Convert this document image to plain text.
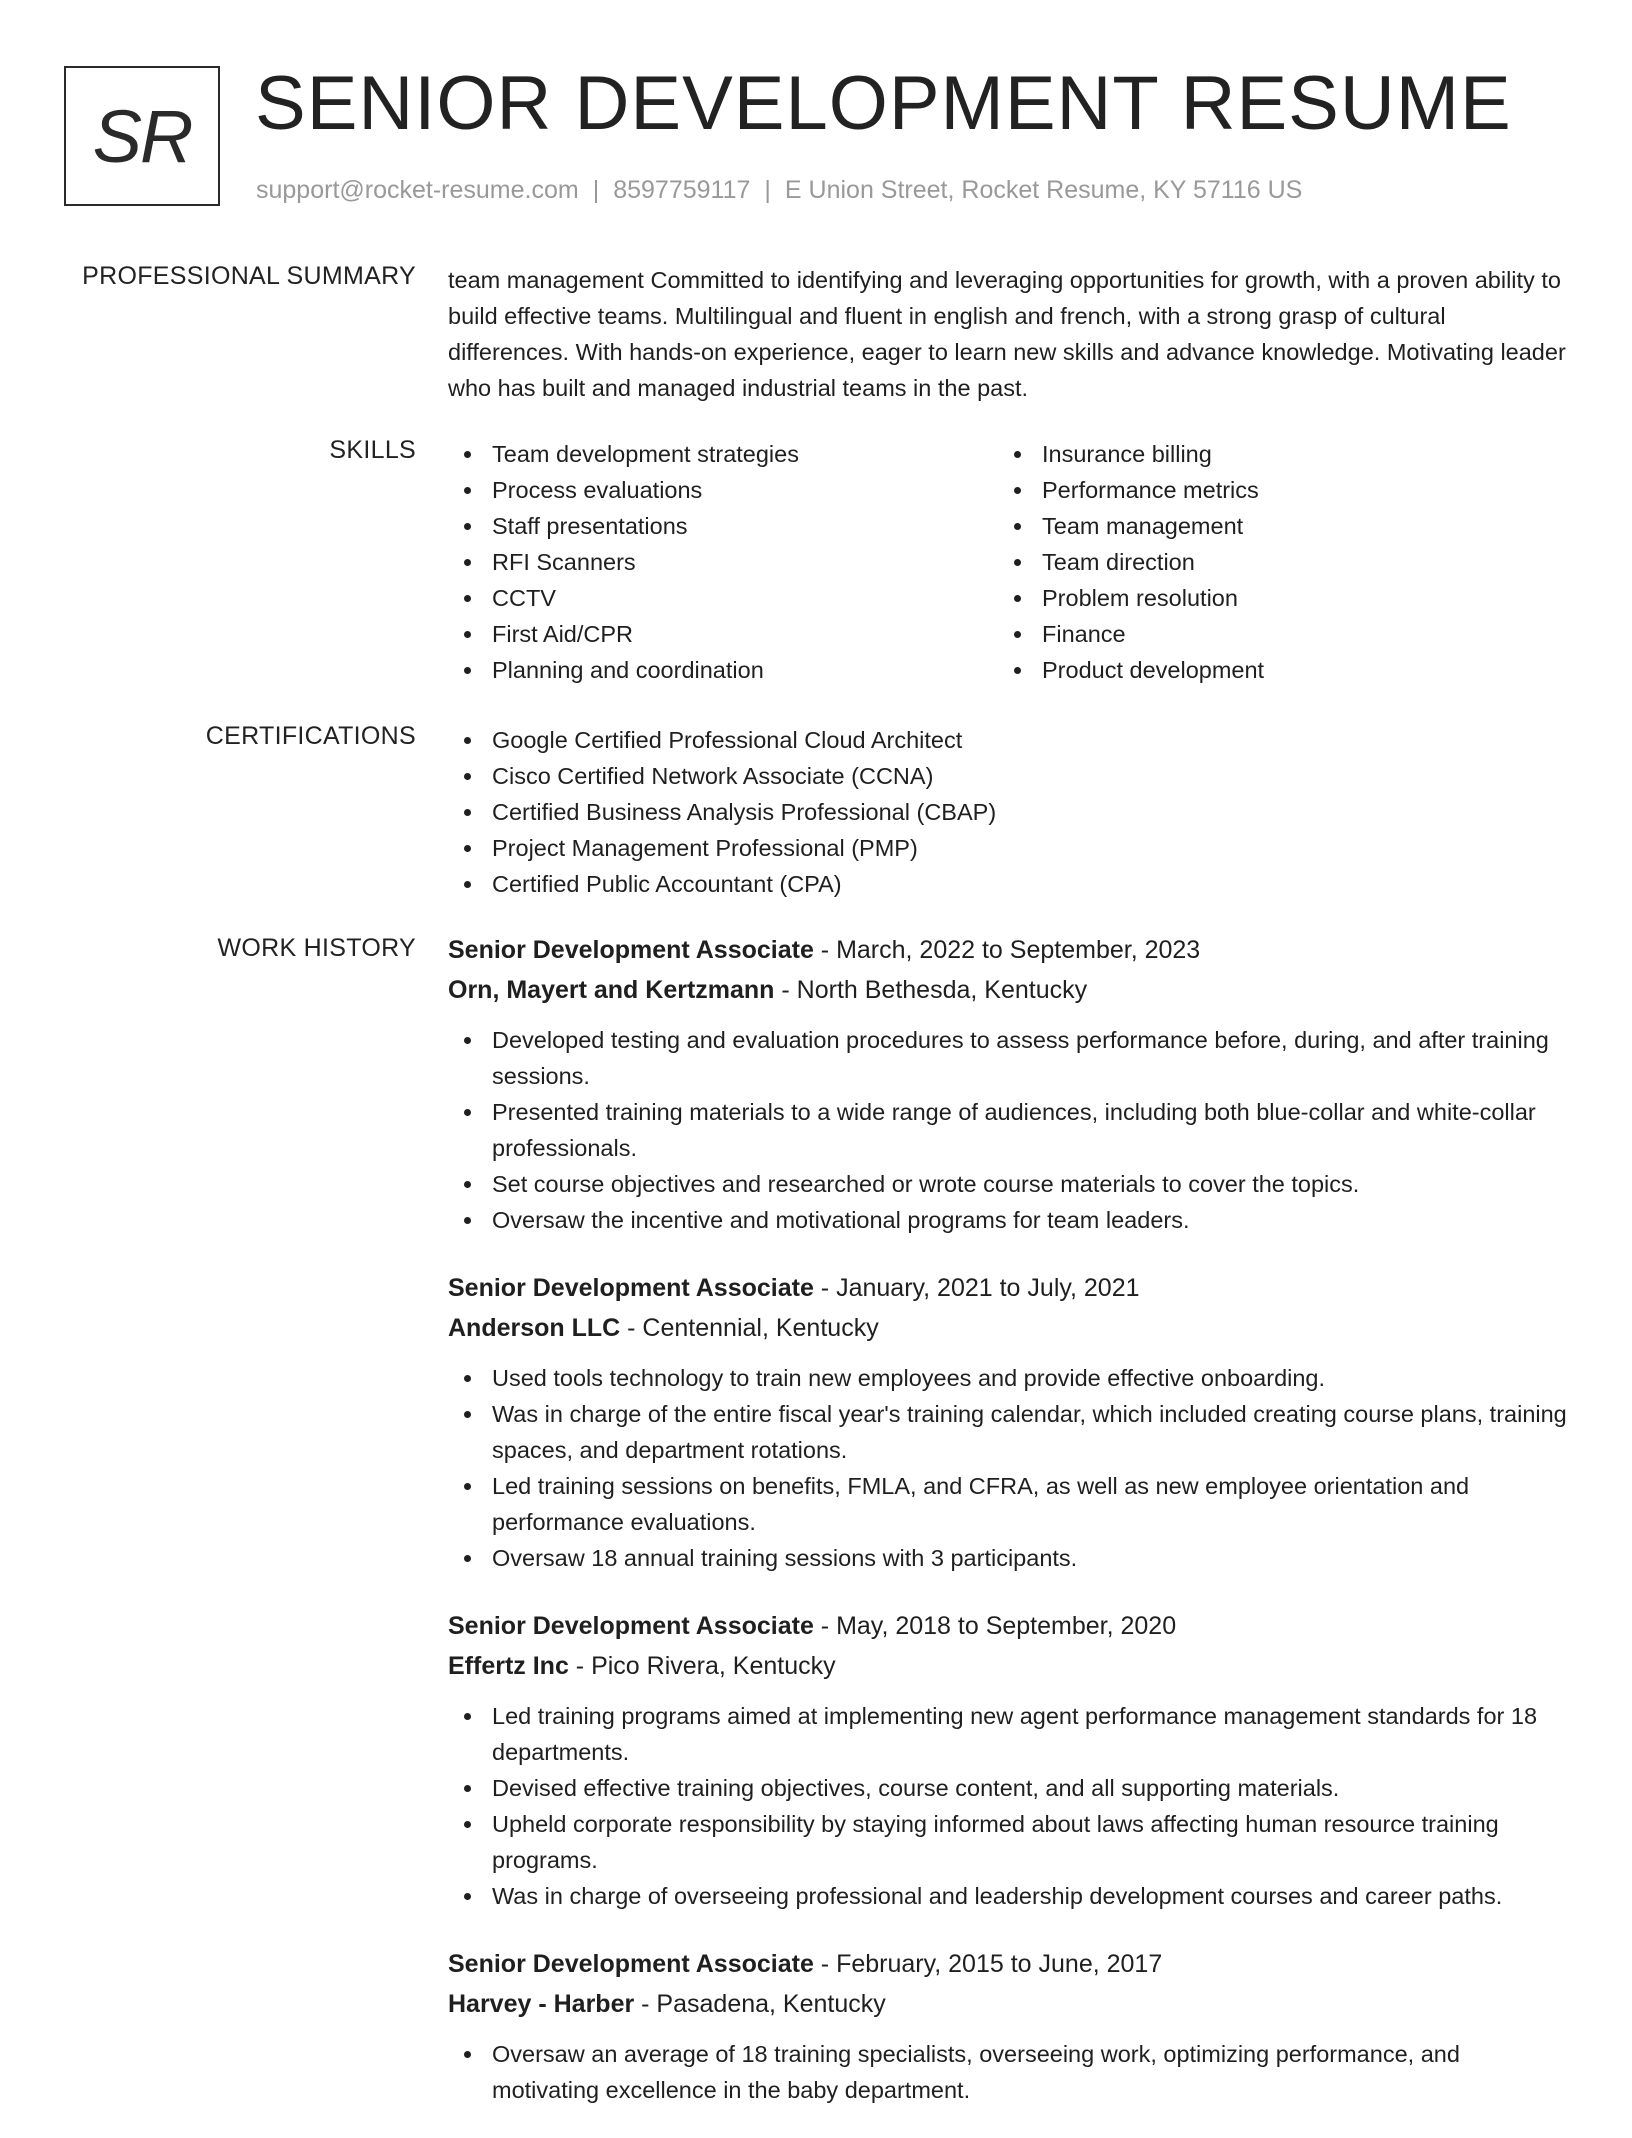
SR SENIOR DEVELOPMENT RESUME
support@rocket-resume.com | 8597759117 | E Union Street, Rocket Resume, KY 57116 US
PROFESSIONAL SUMMARY team management Committed to identifying and leveraging opportunities for growth, with a proven ability to build effective teams. Multilingual and fluent in english and french, with a strong grasp of cultural differences. With hands-on experience, eager to learn new skills and advance knowledge. Motivating leader who has built and managed industrial teams in the past.
SKILLS	Team development strategies
Process evaluations
Staff presentations
RFI Scanners
CCTV
First Aid/CPR
Planning and coordination
Insurance billing
Performance metrics
Team management
Team direction
Problem resolution
Finance
Product development
CERTIFICATIONS	Google Certified Professional Cloud Architect
Cisco Certified Network Associate (CCNA)
Certified Business Analysis Professional (CBAP)
Project Management Professional (PMP)
Certified Public Accountant (CPA)
WORK HISTORY Senior Development Associate - March, 2022 to September, 2023
Orn, Mayert and Kertzmann - North Bethesda, Kentucky
Developed testing and evaluation procedures to assess performance before, during, and after training sessions.
Presented training materials to a wide range of audiences, including both blue-collar and white-collar professionals.
Set course objectives and researched or wrote course materials to cover the topics.
Oversaw the incentive and motivational programs for team leaders.
Senior Development Associate - January, 2021 to July, 2021
Anderson LLC - Centennial, Kentucky
Used tools technology to train new employees and provide effective onboarding.
Was in charge of the entire fiscal year's training calendar, which included creating course plans, training spaces, and department rotations.
Led training sessions on benefits, FMLA, and CFRA, as well as new employee orientation and performance evaluations.
Oversaw 18 annual training sessions with 3 participants.
Senior Development Associate - May, 2018 to September, 2020
Effertz Inc - Pico Rivera, Kentucky
Led training programs aimed at implementing new agent performance management standards for 18 departments.
Devised effective training objectives, course content, and all supporting materials.
Upheld corporate responsibility by staying informed about laws affecting human resource training programs.
Was in charge of overseeing professional and leadership development courses and career paths.
Senior Development Associate - February, 2015 to June, 2017
Harvey - Harber - Pasadena, Kentucky
Oversaw an average of 18 training specialists, overseeing work, optimizing performance, and motivating excellence in the baby department.
